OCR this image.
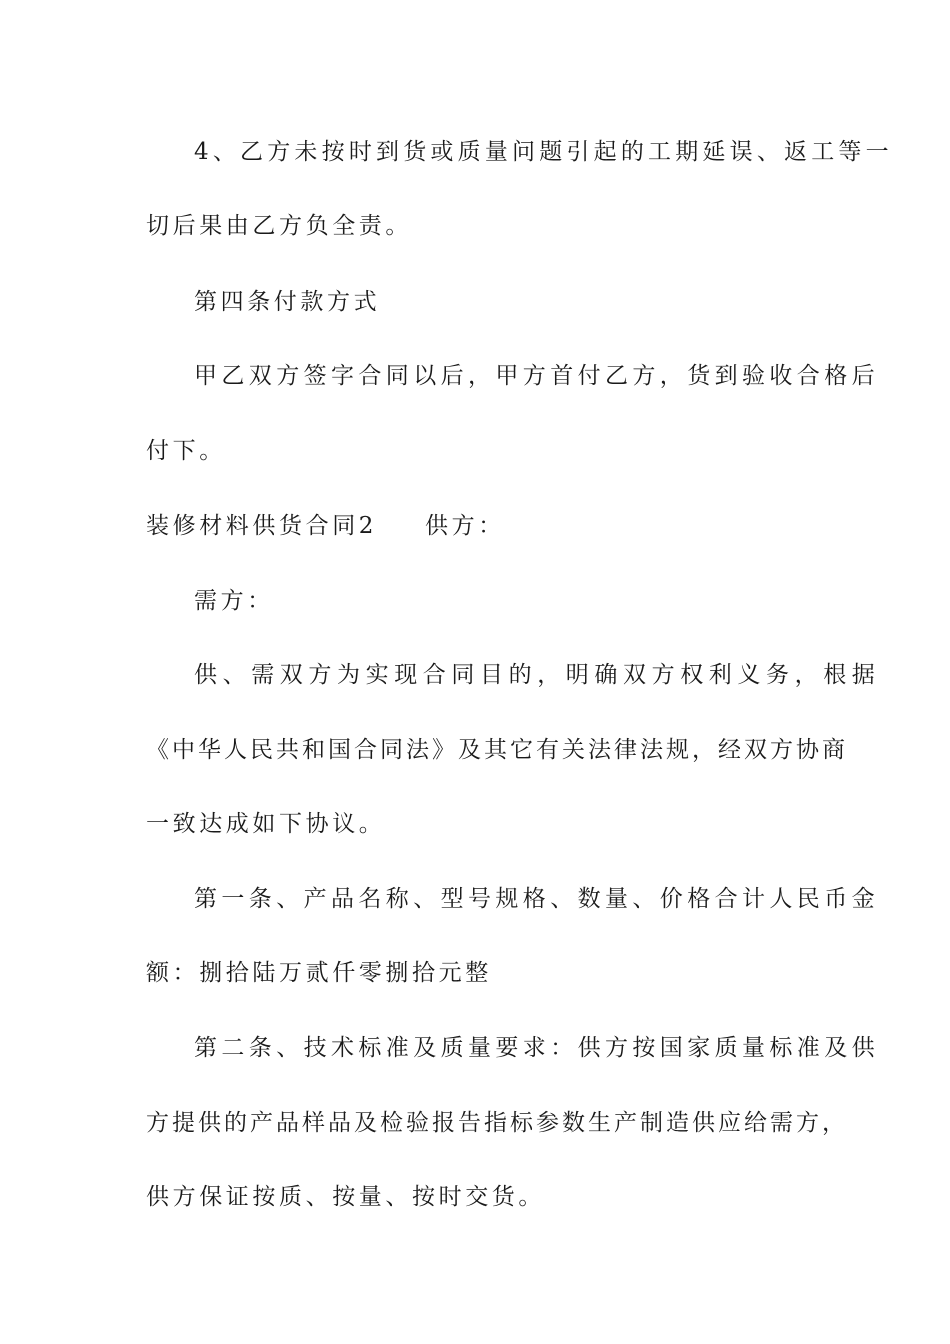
4、乙方未按时到货或质量问题引起的工期延误、返工等一
切后果由乙方负全责。
第四条付款方式
甲乙双方签字合同以后，甲方首付乙方，货到验收合格后
付下。
装修材料供货合同2 供方：
需方：
供、需双方为实现合同目的，明确双方权利义务，根据
《中华人民共和国合同法》及其它有关法律法规，经双方协商
一致达成如下协议。
第一条、产品名称、型号规格、数量、价格合计人民币金
额：捌拾陆万贰仟零捌拾元整
第二条、技术标准及质量要求：供方按国家质量标准及供
方提供的产品样品及检验报告指标参数生产制造供应给需方，
供方保证按质、按量、按时交货。
